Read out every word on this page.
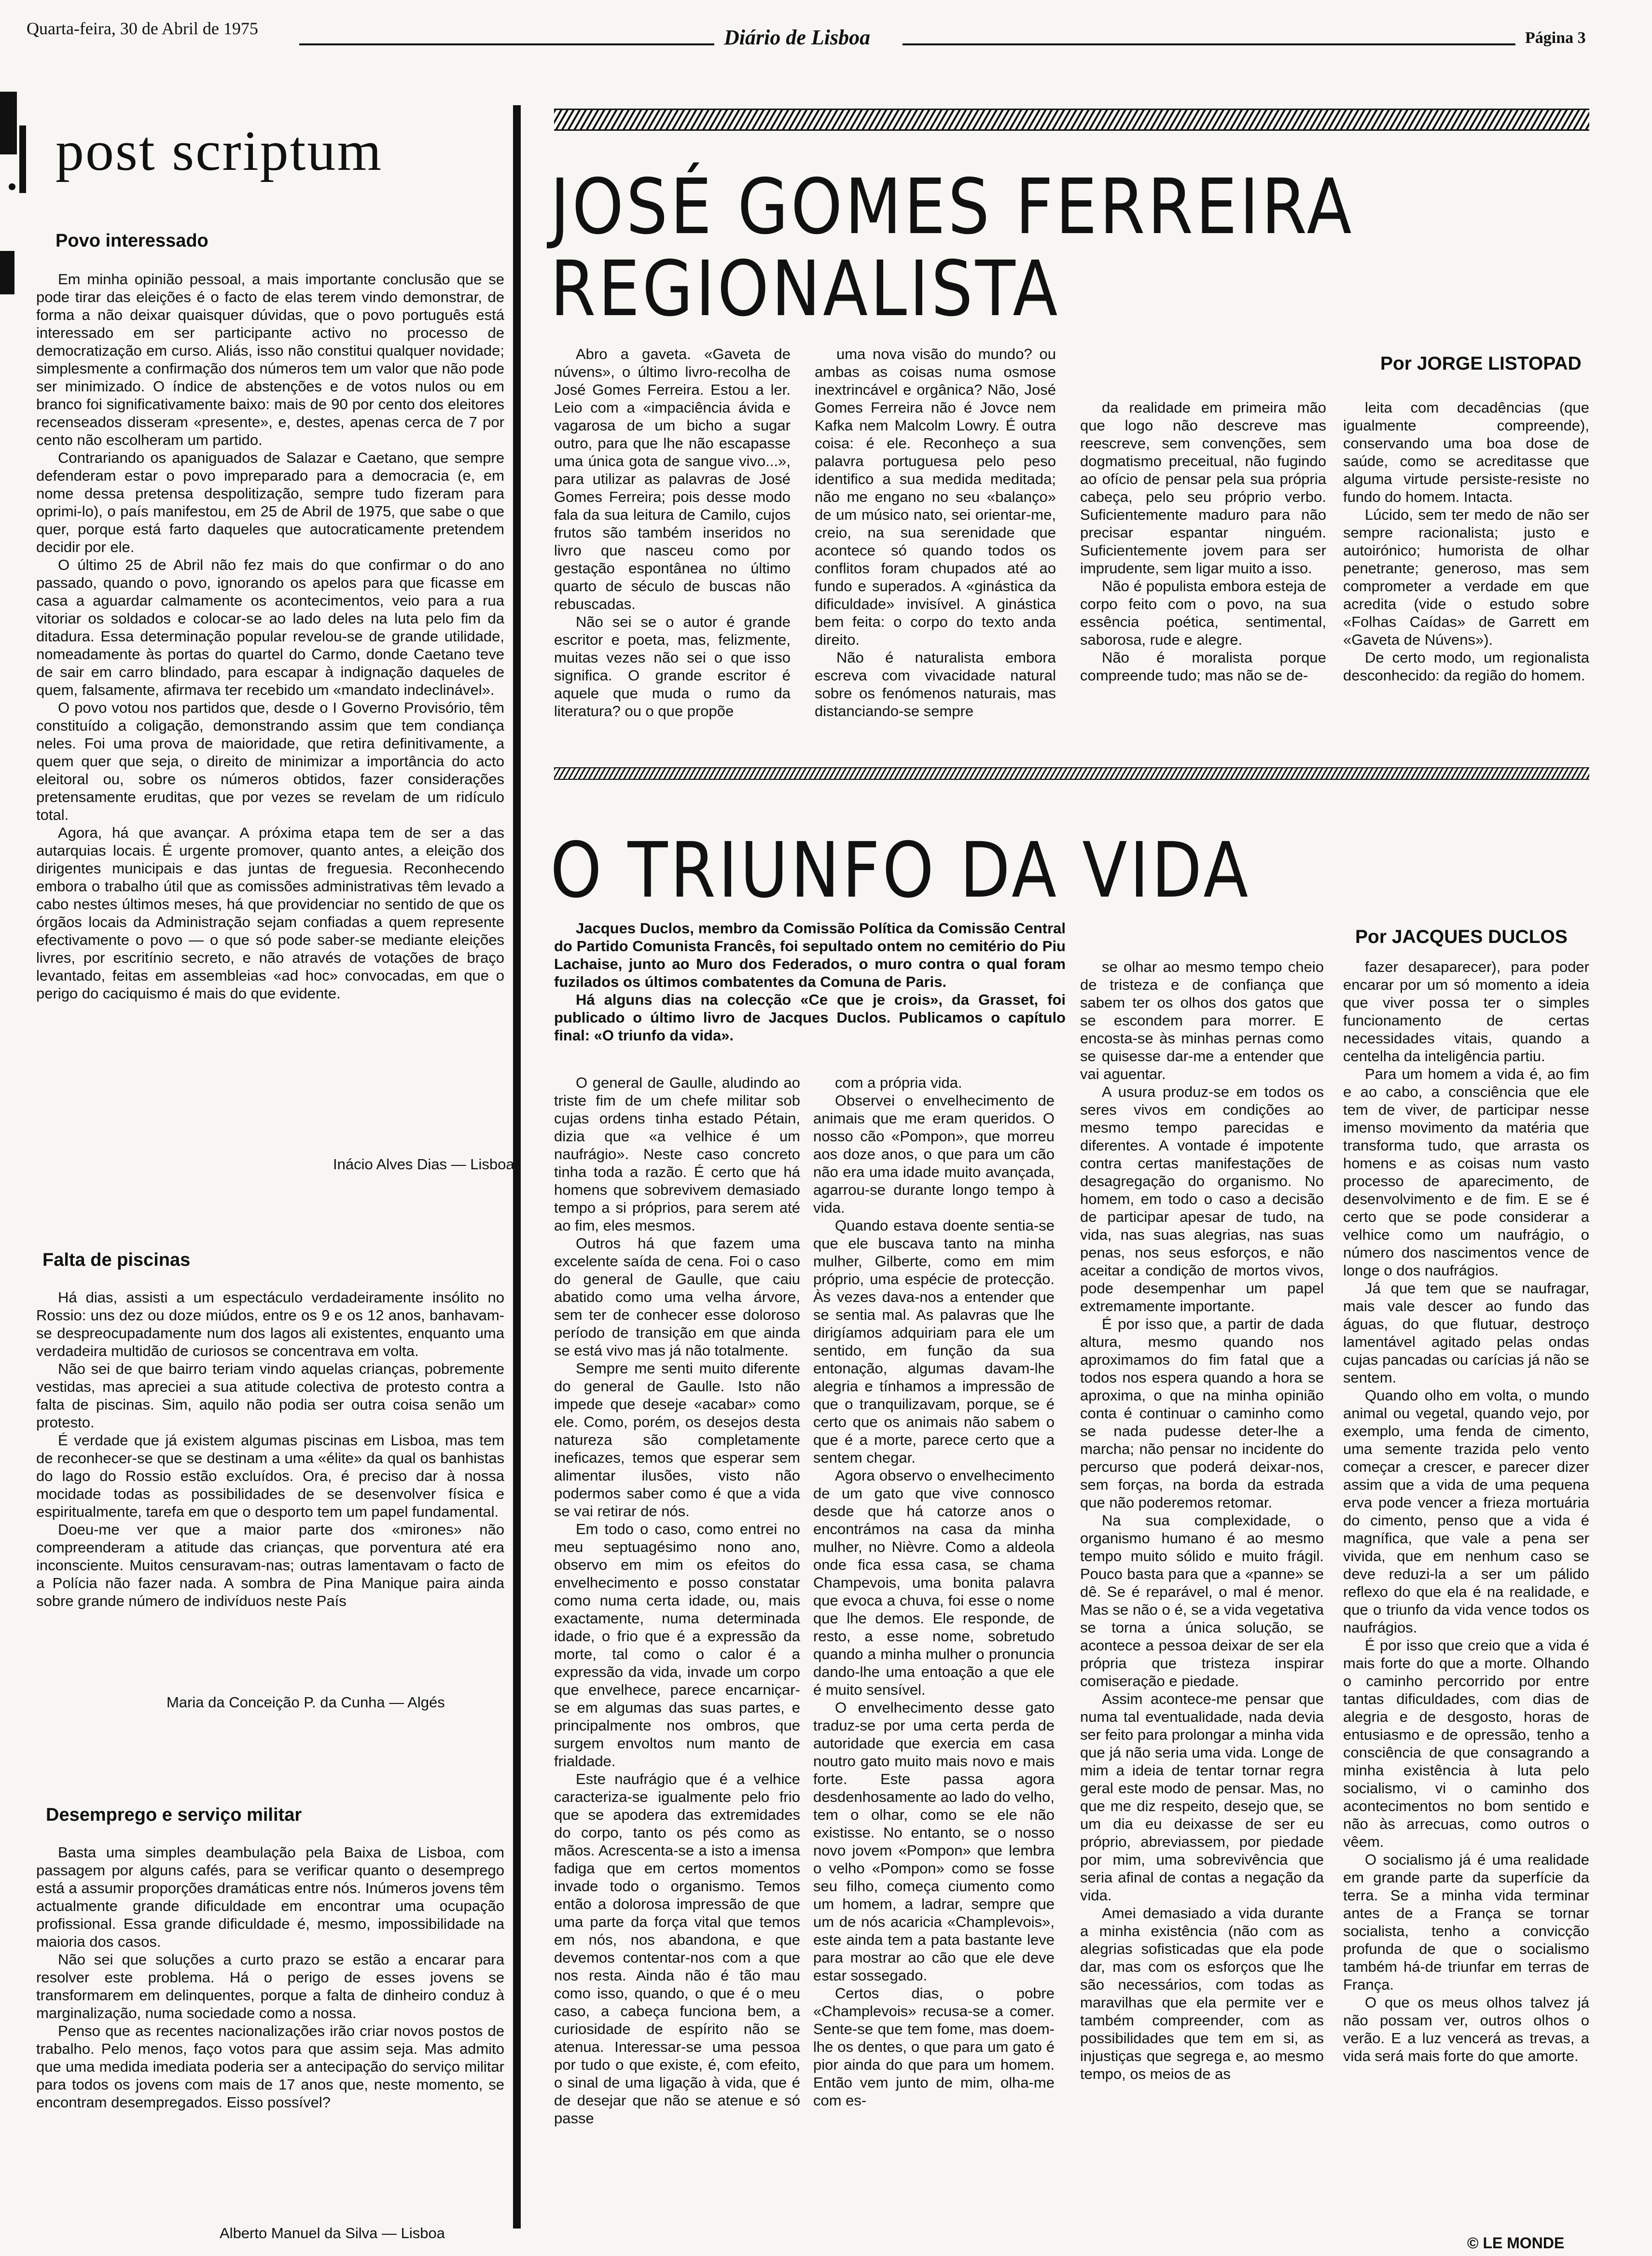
Quarta-feira, 30 de Abril de 1975	Diário de Lisboa	Página 3
post scriptum
Povo interessado

Em minha opinião pessoal, a mais importante conclusão que se pode tirar das eleições é o facto de elas terem vindo demonstrar, de forma a não deixar quaisquer dúvidas, que o povo português está interessado em ser participante activo no processo de democratização em curso. Aliás, isso não constitui qualquer novidade; simplesmente a confirmação dos números tem um valor que não pode ser minimizado. O índice de abstenções e de votos nulos ou em branco foi significativamente baixo: mais de 90 por cento dos eleitores recenseados disseram «presente», e, destes, apenas cerca de 7 por cento não escolheram um partido.

Contrariando os apaniguados de Salazar e Caetano, que sempre defenderam estar o povo impreparado para a democracia (e, em nome dessa pretensa despolitização, sempre tudo fizeram para oprimi-lo), o país manifestou, em 25 de Abril de 1975, que sabe o que quer, porque está farto daqueles que autocraticamente pretendem decidir por ele.

O último 25 de Abril não fez mais do que confirmar o do ano passado, quando o povo, ignorando os apelos para que ficasse em casa a aguardar calmamente os acontecimentos, veio para a rua vitoriar os soldados e colocar-se ao lado deles na luta pelo fim da ditadura. Essa determinação popular revelou-se de grande utilidade, nomeadamente às portas do quartel do Carmo, donde Caetano teve de sair em carro blindado, para escapar à indignação daqueles de quem, falsamente, afirmava ter recebido um «mandato indeclinável».

O povo votou nos partidos que, desde o I Governo Provisório, têm constituído a coligação, demonstrando assim que tem condiança neles. Foi uma prova de maioridade, que retira definitivamente, a quem quer que seja, o direito de minimizar a importância do acto eleitoral ou, sobre os números obtidos, fazer considerações pretensamente eruditas, que por vezes se revelam de um ridículo total.

Agora, há que avançar. A próxima etapa tem de ser a das autarquias locais. É urgente promover, quanto antes, a eleição dos dirigentes municipais e das juntas de freguesia. Reconhecendo embora o trabalho útil que as comissões administrativas têm levado a cabo nestes últimos meses, há que providenciar no sentido de que os órgãos locais da Administração sejam confiadas a quem represente efectivamente o povo — o que só pode saber-se mediante eleições livres, por escritínio secreto, e não através de votações de braço levantado, feitas em assembleias «ad hoc» convocadas, em que o perigo do caciquismo é mais do que evidente.

Inácio Alves Dias — Lisboa
Falta de piscinas

Há dias, assisti a um espectáculo verdadeiramente insólito no Rossio: uns dez ou doze miúdos, entre os 9 e os 12 anos, banhavam-se despreocupadamente num dos lagos ali existentes, enquanto uma verdadeira multidão de curiosos se concentrava em volta.

Não sei de que bairro teriam vindo aquelas crianças, pobremente vestidas, mas apreciei a sua atitude colectiva de protesto contra a falta de piscinas. Sim, aquilo não podia ser outra coisa senão um protesto.

É verdade que já existem algumas piscinas em Lisboa, mas tem de reconhecer-se que se destinam a uma «élite» da qual os banhistas do lago do Rossio estão excluídos. Ora, é preciso dar à nossa mocidade todas as possibilidades de se desenvolver física e espiritualmente, tarefa em que o desporto tem um papel fundamental.

Doeu-me ver que a maior parte dos «mirones» não compreenderam a atitude das crianças, que porventura até era inconsciente. Muitos censuravam-nas; outras lamentavam o facto de a Polícia não fazer nada. A sombra de Pina Manique paira ainda sobre grande número de indivíduos neste País

Maria da Conceição P. da Cunha — Algés
Desemprego e serviço militar

Basta uma simples deambulação pela Baixa de Lisboa, com passagem por alguns cafés, para se verificar quanto o desemprego está a assumir proporções dramáticas entre nós. Inúmeros jovens têm actualmente grande dificuldade em encontrar uma ocupação profissional. Essa grande dificuldade é, mesmo, impossibilidade na maioria dos casos.

Não sei que soluções a curto prazo se estão a encarar para resolver este problema. Há o perigo de esses jovens se transformarem em delinquentes, porque a falta de dinheiro conduz à marginalização, numa sociedade como a nossa.

Penso que as recentes nacionalizações irão criar novos postos de trabalho. Pelo menos, faço votos para que assim seja. Mas admito que uma medida imediata poderia ser a antecipação do serviço militar para todos os jovens com mais de 17 anos que, neste momento, se encontram desempregados. Eisso possível?

Alberto Manuel da Silva — Lisboa
JOSÉ GOMES FERREIRA
REGIONALISTA
Por JORGE LISTOPAD

Abro a gaveta. «Gaveta de núvens», o último livro-recolha de José Gomes Ferreira. Estou a ler. Leio com a «impaciência ávida e vagarosa de um bicho a sugar outro, para que lhe não escapasse uma única gota de sangue vivo...», para utilizar as palavras de José Gomes Ferreira; pois desse modo fala da sua leitura de Camilo, cujos frutos são também inseridos no livro que nasceu como por gestação espontânea no último quarto de século de buscas não rebuscadas.

Não sei se o autor é grande escritor e poeta, mas, felizmente, muitas vezes não sei o que isso significa. O grande escritor é aquele que muda o rumo da literatura? ou o que propõe

uma nova visão do mundo? ou ambas as coisas numa osmose inextrincável e orgânica? Não, José Gomes Ferreira não é Jovce nem Kafka nem Malcolm Lowry. É outra coisa: é ele. Reconheço a sua palavra portuguesa pelo peso identifico a sua medida meditada; não me engano no seu «balanço» de um músico nato, sei orientar-me, creio, na sua serenidade que acontece só quando todos os conflitos foram chupados até ao fundo e superados. A «ginástica da dificuldade» invisível. A ginástica bem feita: o corpo do texto anda direito.

Não é naturalista embora escreva com vivacidade natural sobre os fenómenos naturais, mas distanciando-se sempre

da realidade em primeira mão que logo não descreve mas reescreve, sem convenções, sem dogmatismo preceitual, não fugindo ao ofício de pensar pela sua própria cabeça, pelo seu próprio verbo. Suficientemente maduro para não precisar espantar ninguém. Suficientemente jovem para ser imprudente, sem ligar muito a isso.

Não é populista embora esteja de corpo feito com o povo, na sua essência poética, sentimental, saborosa, rude e alegre.

Não é moralista porque compreende tudo; mas não se de-

leita com decadências (que igualmente compreende), conservando uma boa dose de saúde, como se acreditasse que alguma virtude persiste-resiste no fundo do homem. Intacta.

Lúcido, sem ter medo de não ser sempre racionalista; justo e autoirónico; humorista de olhar penetrante; generoso, mas sem comprometer a verdade em que acredita (vide o estudo sobre «Folhas Caídas» de Garrett em «Gaveta de Núvens»).

De certo modo, um regionalista desconhecido: da região do homem.

O TRIUNFO DA VIDA
Por JACQUES DUCLOS

Jacques Duclos, membro da Comissão Política da Comissão Central do Partido Comunista Francês, foi sepultado ontem no cemitério do Piu Lachaise, junto ao Muro dos Federados, o muro contra o qual foram fuzilados os últimos combatentes da Comuna de Paris.

Há alguns dias na colecção «Ce que je crois», da Grasset, foi publicado o último livro de Jacques Duclos. Publicamos o capítulo final: «O triunfo da vida».

O general de Gaulle, aludindo ao triste fim de um chefe militar sob cujas ordens tinha estado Pétain, dizia que «a velhice é um naufrágio». Neste caso concreto tinha toda a razão. É certo que há homens que sobrevivem demasiado tempo a si próprios, para serem até ao fim, eles mesmos.

Outros há que fazem uma excelente saída de cena. Foi o caso do general de Gaulle, que caiu abatido como uma velha árvore, sem ter de conhecer esse doloroso período de transição em que ainda se está vivo mas já não totalmente.

Sempre me senti muito diferente do general de Gaulle. Isto não impede que deseje «acabar» como ele. Como, porém, os desejos desta natureza são completamente ineficazes, temos que esperar sem alimentar ilusões, visto não podermos saber como é que a vida se vai retirar de nós.

Em todo o caso, como entrei no meu septuagésimo nono ano, observo em mim os efeitos do envelhecimento e posso constatar como numa certa idade, ou, mais exactamente, numa determinada idade, o frio que é a expressão da morte, tal como o calor é a expressão da vida, invade um corpo que envelhece, parece encarniçar-se em algumas das suas partes, e principalmente nos ombros, que surgem envoltos num manto de frialdade.

Este naufrágio que é a velhice caracteriza-se igualmente pelo frio que se apodera das extremidades do corpo, tanto os pés como as mãos. Acrescenta-se a isto a imensa fadiga que em certos momentos invade todo o organismo. Temos então a dolorosa impressão de que uma parte da força vital que temos em nós, nos abandona, e que devemos contentar-nos com a que nos resta. Ainda não é tão mau como isso, quando, o que é o meu caso, a cabeça funciona bem, a curiosidade de espírito não se atenua. Interessar-se uma pessoa por tudo o que existe, é, com efeito, o sinal de uma ligação à vida, que é de desejar que não se atenue e só passe

com a própria vida.

Observei o envelhecimento de animais que me eram queridos. O nosso cão «Pompon», que morreu aos doze anos, o que para um cão não era uma idade muito avançada, agarrou-se durante longo tempo à vida.

Quando estava doente sentia-se que ele buscava tanto na minha mulher, Gilberte, como em mim próprio, uma espécie de protecção. Às vezes dava-nos a entender que se sentia mal. As palavras que lhe dirigíamos adquiriam para ele um sentido, em função da sua entonação, algumas davam-lhe alegria e tínhamos a impressão de que o tranquilizavam, porque, se é certo que os animais não sabem o que é a morte, parece certo que a sentem chegar.

Agora observo o envelhecimento de um gato que vive connosco desde que há catorze anos o encontrámos na casa da minha mulher, no Nièvre. Como a aldeola onde fica essa casa, se chama Champevois, uma bonita palavra que evoca a chuva, foi esse o nome que lhe demos. Ele responde, de resto, a esse nome, sobretudo quando a minha mulher o pronuncia dando-lhe uma entoação a que ele é muito sensível.

O envelhecimento desse gato traduz-se por uma certa perda de autoridade que exercia em casa noutro gato muito mais novo e mais forte. Este passa agora desdenhosamente ao lado do velho, tem o olhar, como se ele não existisse. No entanto, se o nosso novo jovem «Pompon» que lembra o velho «Pompon» como se fosse seu filho, começa ciumento como um homem, a ladrar, sempre que um de nós acaricia «Champlevois», este ainda tem a pata bastante leve para mostrar ao cão que ele deve estar sossegado.

Certos dias, o pobre «Champlevois» recusa-se a comer. Sente-se que tem fome, mas doem-lhe os dentes, o que para um gato é pior ainda do que para um homem. Então vem junto de mim, olha-me com es-

se olhar ao mesmo tempo cheio de tristeza e de confiança que sabem ter os olhos dos gatos que se escondem para morrer. E encosta-se às minhas pernas como se quisesse dar-me a entender que vai aguentar.

A usura produz-se em todos os seres vivos em condições ao mesmo tempo parecidas e diferentes. A vontade é impotente contra certas manifestações de desagregação do organismo. No homem, em todo o caso a decisão de participar apesar de tudo, na vida, nas suas alegrias, nas suas penas, nos seus esforços, e não aceitar a condição de mortos vivos, pode desempenhar um papel extremamente importante.

É por isso que, a partir de dada altura, mesmo quando nos aproximamos do fim fatal que a todos nos espera quando a hora se aproxima, o que na minha opinião conta é continuar o caminho como se nada pudesse deter-lhe a marcha; não pensar no incidente do percurso que poderá deixar-nos, sem forças, na borda da estrada que não poderemos retomar.

Na sua complexidade, o organismo humano é ao mesmo tempo muito sólido e muito frágil. Pouco basta para que a «panne» se dê. Se é reparável, o mal é menor. Mas se não o é, se a vida vegetativa se torna a única solução, se acontece a pessoa deixar de ser ela própria que tristeza inspirar comiseração e piedade.

Assim acontece-me pensar que numa tal eventualidade, nada devia ser feito para prolongar a minha vida que já não seria uma vida. Longe de mim a ideia de tentar tornar regra geral este modo de pensar. Mas, no que me diz respeito, desejo que, se um dia eu deixasse de ser eu próprio, abreviassem, por piedade por mim, uma sobrevivência que seria afinal de contas a negação da vida.

Amei demasiado a vida durante a minha existência (não com as alegrias sofisticadas que ela pode dar, mas com os esforços que lhe são necessários, com todas as maravilhas que ela permite ver e também compreender, com as possibilidades que tem em si, as injustiças que segrega e, ao mesmo tempo, os meios de as

fazer desaparecer), para poder encarar por um só momento a ideia que viver possa ter o simples funcionamento de certas necessidades vitais, quando a centelha da inteligência partiu.

Para um homem a vida é, ao fim e ao cabo, a consciência que ele tem de viver, de participar nesse imenso movimento da matéria que transforma tudo, que arrasta os homens e as coisas num vasto processo de aparecimento, de desenvolvimento e de fim. E se é certo que se pode considerar a velhice como um naufrágio, o número dos nascimentos vence de longe o dos naufrágios.

Já que tem que se naufragar, mais vale descer ao fundo das águas, do que flutuar, destroço lamentável agitado pelas ondas cujas pancadas ou carícias já não se sentem.

Quando olho em volta, o mundo animal ou vegetal, quando vejo, por exemplo, uma fenda de cimento, uma semente trazida pelo vento começar a crescer, e parecer dizer assim que a vida de uma pequena erva pode vencer a frieza mortuária do cimento, penso que a vida é magnífica, que vale a pena ser vivida, que em nenhum caso se deve reduzi-la a ser um pálido reflexo do que ela é na realidade, e que o triunfo da vida vence todos os naufrágios.

É por isso que creio que a vida é mais forte do que a morte. Olhando o caminho percorrido por entre tantas dificuldades, com dias de alegria e de desgosto, horas de entusiasmo e de opressão, tenho a consciência de que consagrando a minha existência à luta pelo socialismo, vi o caminho dos acontecimentos no bom sentido e não às arrecuas, como outros o vêem.

O socialismo já é uma realidade em grande parte da superfície da terra. Se a minha vida terminar antes de a França se tornar socialista, tenho a convicção profunda de que o socialismo também há-de triunfar em terras de França.

O que os meus olhos talvez já não possam ver, outros olhos o verão. E a luz vencerá as trevas, a vida será mais forte do que amorte.

© LE MONDE
